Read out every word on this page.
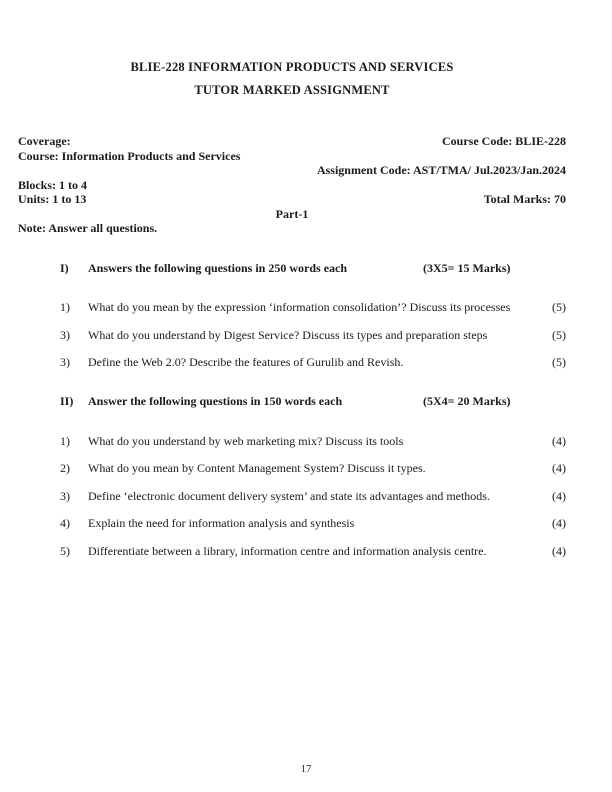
BLIE-228 INFORMATION PRODUCTS AND SERVICES
TUTOR MARKED ASSIGNMENT
Coverage:	Course Code: BLIE-228
Course: Information Products and Services
Assignment Code: AST/TMA/ Jul.2023/Jan.2024
Blocks: 1 to 4
Units: 1 to 13	Total Marks: 70
Part-1
Note: Answer all questions.
I)	Answers the following questions in 250 words each	(3X5= 15 Marks)
1)	What do you mean by the expression ‘information consolidation’? Discuss its processes	(5)
3)	What do you understand by Digest Service? Discuss its types and preparation steps	(5)
3)	Define the Web 2.0? Describe the features of Gurulib and Revish.	(5)
II)	Answer the following questions in 150 words each	(5X4= 20 Marks)
1)	What do you understand by web marketing mix? Discuss its tools	(4)
2)	What do you mean by Content Management System? Discuss it types.	(4)
3)	Define ‘electronic document delivery system’ and state its advantages and methods.	(4)
4)	Explain the need for information analysis and synthesis	(4)
5)	Differentiate between a library, information centre and information analysis centre.	(4)
17
